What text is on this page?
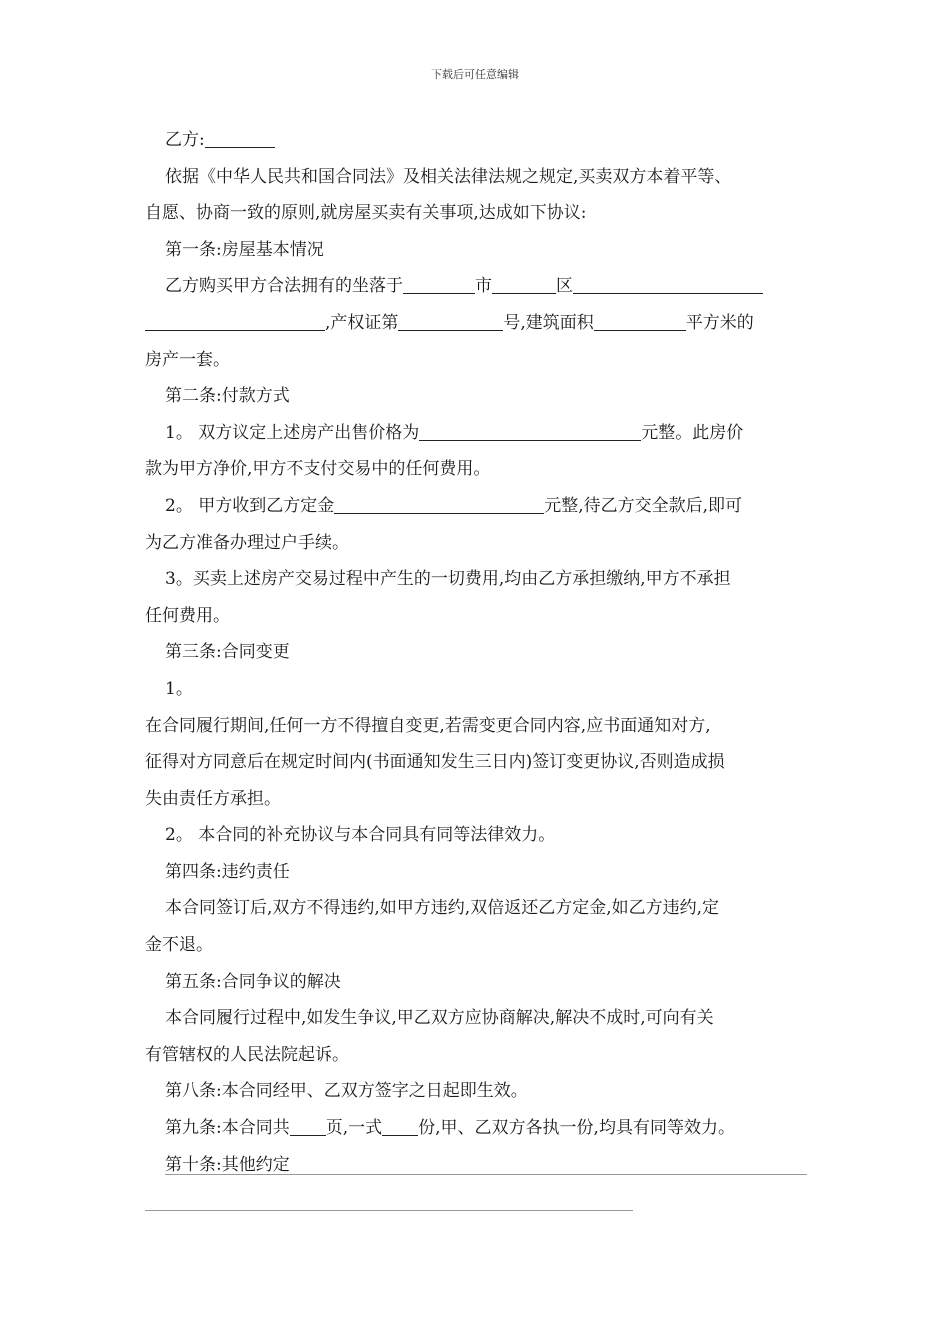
下载后可任意编辑
乙方:
依据《中华人民共和国合同法》及相关法律法规之规定,买卖双方本着平等、
自愿、协商一致的原则,就房屋买卖有关事项,达成如下协议:
第一条:房屋基本情况
乙方购买甲方合法拥有的坐落于	市	区
,产权证第	号,建筑面积	平方米的
房产一套。
第二条:付款方式
1。 双方议定上述房产出售价格为	元整。此房价
款为甲方净价,甲方不支付交易中的任何费用。
2。 甲方收到乙方定金	元整,待乙方交全款后,即可
为乙方准备办理过户手续。
3。买卖上述房产交易过程中产生的一切费用,均由乙方承担缴纳,甲方不承担
任何费用。
第三条:合同变更
1。
在合同履行期间,任何一方不得擅自变更,若需变更合同内容,应书面通知对方,
征得对方同意后在规定时间内(书面通知发生三日内)签订变更协议,否则造成损
失由责任方承担。
2。 本合同的补充协议与本合同具有同等法律效力。
第四条:违约责任
本合同签订后,双方不得违约,如甲方违约,双倍返还乙方定金,如乙方违约,定
金不退。
第五条:合同争议的解决
本合同履行过程中,如发生争议,甲乙双方应协商解决,解决不成时,可向有关
有管辖权的人民法院起诉。
第八条:本合同经甲、乙双方签字之日起即生效。
第九条:本合同共 页,一式 份,甲、乙双方各执一份,均具有同等效力。
第十条:其他约定
